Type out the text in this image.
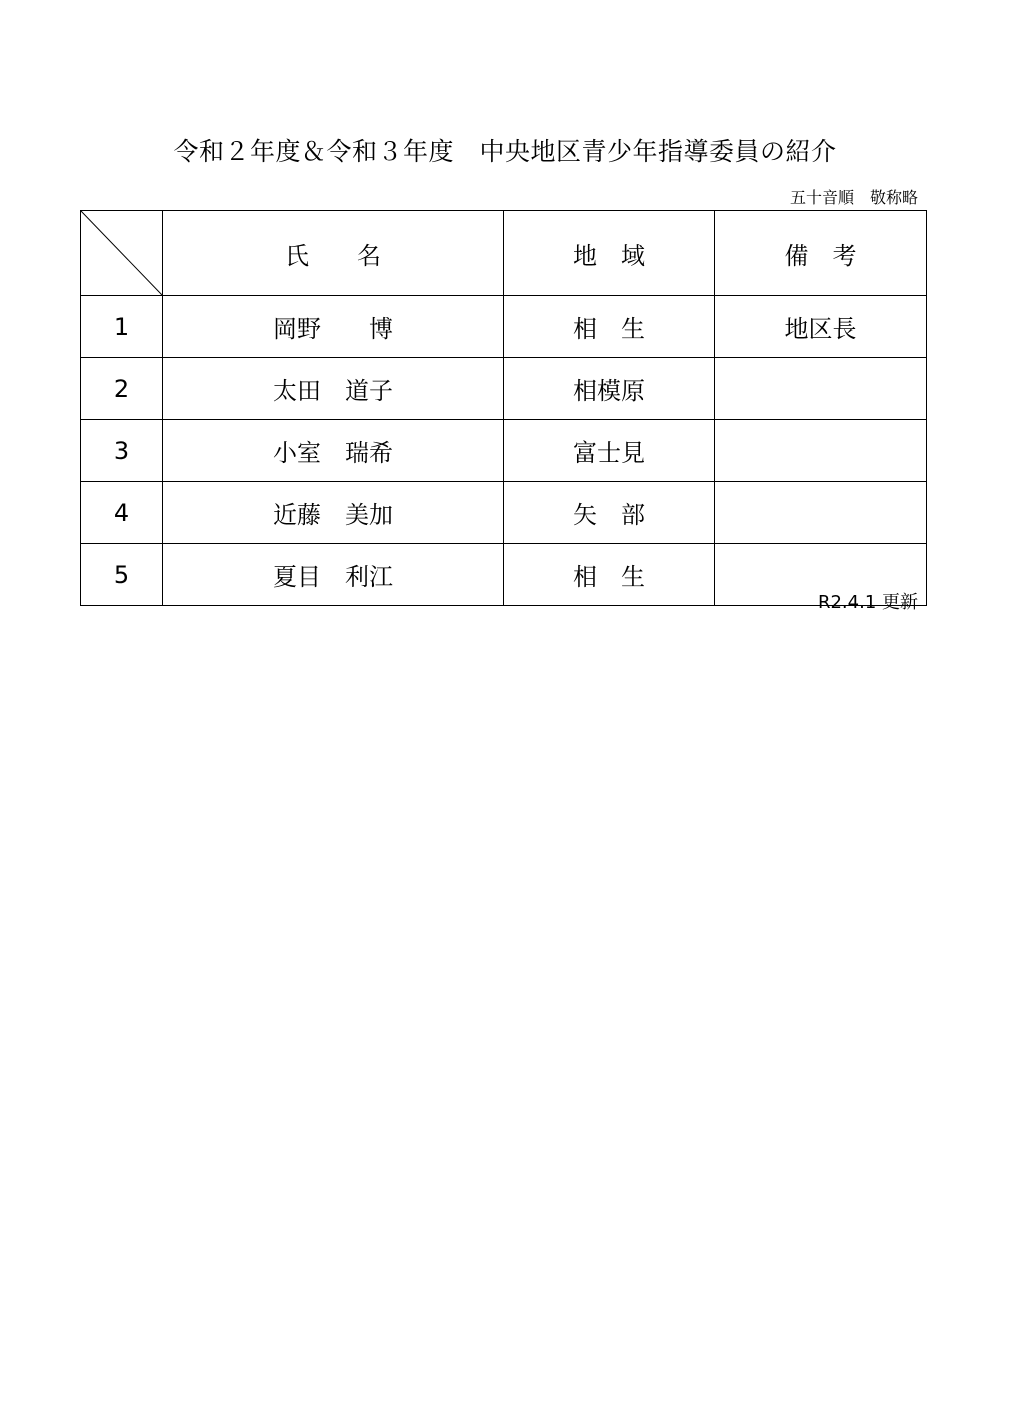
令和２年度＆令和３年度　中央地区青少年指導委員の紹介
五十音順　敬称略

	氏　　名	地　域	備　考
1	岡野　　博	相　生	地区長
2	太田　道子	相模原	
3	小室　瑞希	富士見	
4	近藤　美加	矢　部	
5	夏目　利江	相　生	
R2.4.1 更新
